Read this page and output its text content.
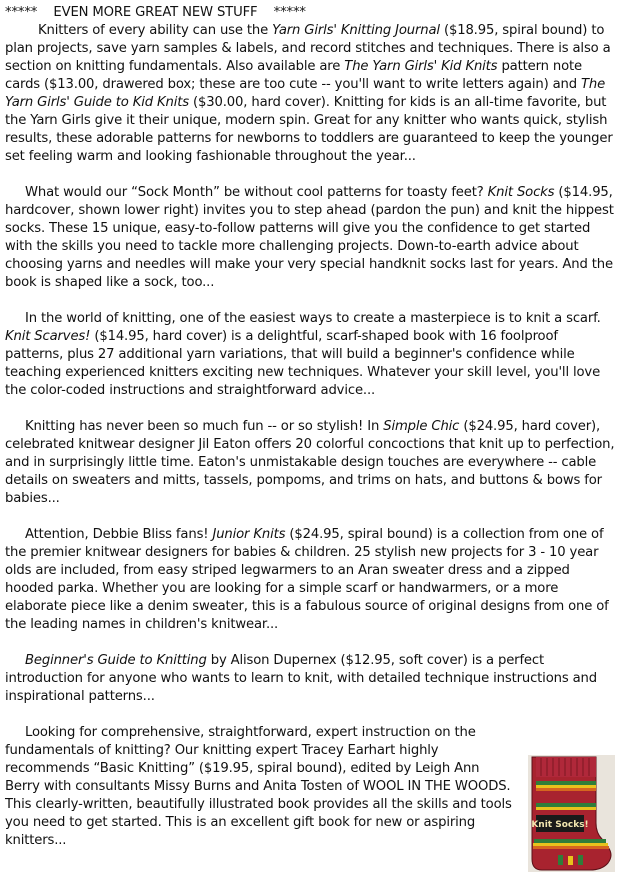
*****    EVEN MORE GREAT NEW STUFF    *****

Knitters of every ability can use the Yarn Girls' Knitting Journal ($18.95, spiral bound) to plan projects, save yarn samples & labels, and record stitches and techniques. There is also a section on knitting fundamentals. Also available are The Yarn Girls' Kid Knits pattern note cards ($13.00, drawered box; these are too cute -- you'll want to write letters again) and The Yarn Girls' Guide to Kid Knits ($30.00, hard cover). Knitting for kids is an all-time favorite, but the Yarn Girls give it their unique, modern spin. Great for any knitter who wants quick, stylish results, these adorable patterns for newborns to toddlers are guaranteed to keep the younger set feeling warm and looking fashionable throughout the year...

What would our “Sock Month” be without cool patterns for toasty feet? Knit Socks ($14.95, hardcover, shown lower right) invites you to step ahead (pardon the pun) and knit the hippest socks. These 15 unique, easy-to-follow patterns will give you the confidence to get started with the skills you need to tackle more challenging projects. Down-to-earth advice about choosing yarns and needles will make your very special handknit socks last for years. And the book is shaped like a sock, too...

In the world of knitting, one of the easiest ways to create a masterpiece is to knit a scarf. Knit Scarves! ($14.95, hard cover) is a delightful, scarf-shaped book with 16 foolproof patterns, plus 27 additional yarn variations, that will build a beginner's confidence while teaching experienced knitters exciting new techniques. Whatever your skill level, you'll love the color-coded instructions and straightforward advice...

Knitting has never been so much fun -- or so stylish! In Simple Chic ($24.95, hard cover), celebrated knitwear designer Jil Eaton offers 20 colorful concoctions that knit up to perfection, and in surprisingly little time. Eaton's unmistakable design touches are everywhere -- cable details on sweaters and mitts, tassels, pompoms, and trims on hats, and buttons & bows for babies...

Attention, Debbie Bliss fans! Junior Knits ($24.95, spiral bound) is a collection from one of the premier knitwear designers for babies & children. 25 stylish new projects for 3 - 10 year olds are included, from easy striped legwarmers to an Aran sweater dress and a zipped hooded parka. Whether you are looking for a simple scarf or handwarmers, or a more elaborate piece like a denim sweater, this is a fabulous source of original designs from one of the leading names in children's knitwear...

Beginner's Guide to Knitting by Alison Dupernex ($12.95, soft cover) is a perfect introduction for anyone who wants to learn to knit, with detailed technique instructions and inspirational patterns...

Looking for comprehensive, straightforward, expert instruction on the fundamentals of knitting? Our knitting expert Tracey Earhart highly recommends “Basic Knitting” ($19.95, spiral bound), edited by Leigh Ann Berry with consultants Missy Burns and Anita Tosten of WOOL IN THE WOODS. This clearly-written, beautifully illustrated book provides all the skills and tools you need to get started. This is an excellent gift book for new or aspiring knitters...

Knit Socks!
